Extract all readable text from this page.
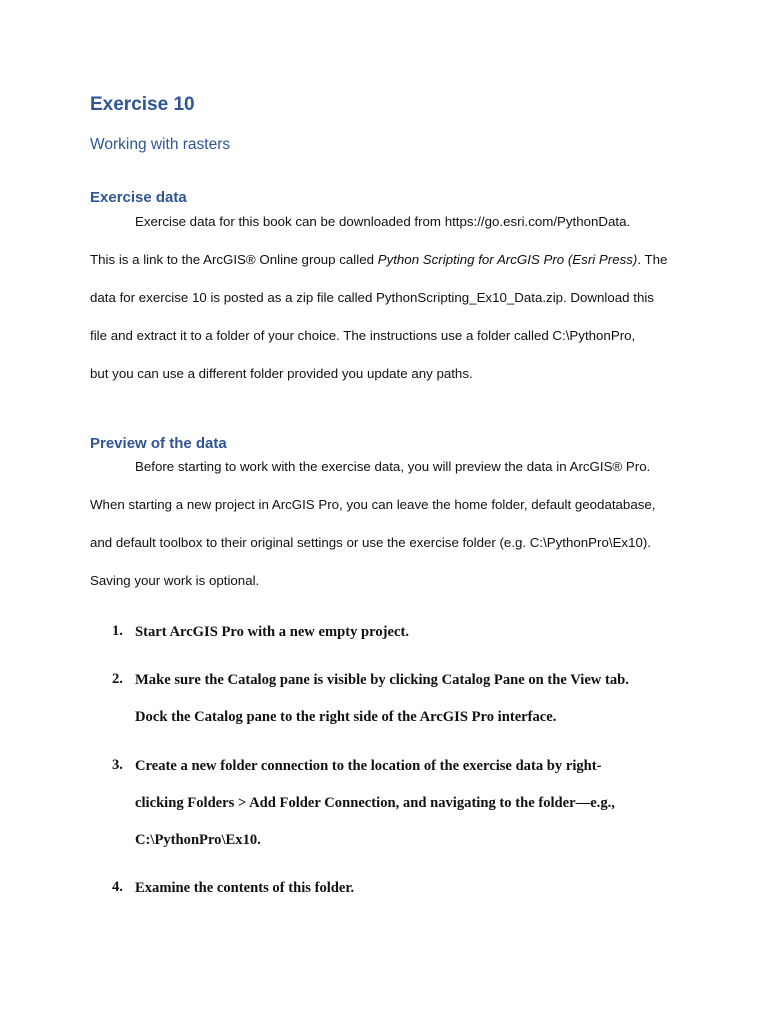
Exercise 10
Working with rasters
Exercise data
Exercise data for this book can be downloaded from https://go.esri.com/PythonData.
This is a link to the ArcGIS® Online group called Python Scripting for ArcGIS Pro (Esri Press). The
data for exercise 10 is posted as a zip file called PythonScripting_Ex10_Data.zip. Download this
file and extract it to a folder of your choice. The instructions use a folder called C:\PythonPro,
but you can use a different folder provided you update any paths.
Preview of the data
Before starting to work with the exercise data, you will preview the data in ArcGIS® Pro.
When starting a new project in ArcGIS Pro, you can leave the home folder, default geodatabase,
and default toolbox to their original settings or use the exercise folder (e.g. C:\PythonPro\Ex10).
Saving your work is optional.
1. Start ArcGIS Pro with a new empty project.
2. Make sure the Catalog pane is visible by clicking Catalog Pane on the View tab.
Dock the Catalog pane to the right side of the ArcGIS Pro interface.
3. Create a new folder connection to the location of the exercise data by right-
clicking Folders > Add Folder Connection, and navigating to the folder—e.g.,
C:\PythonPro\Ex10.
4. Examine the contents of this folder.
